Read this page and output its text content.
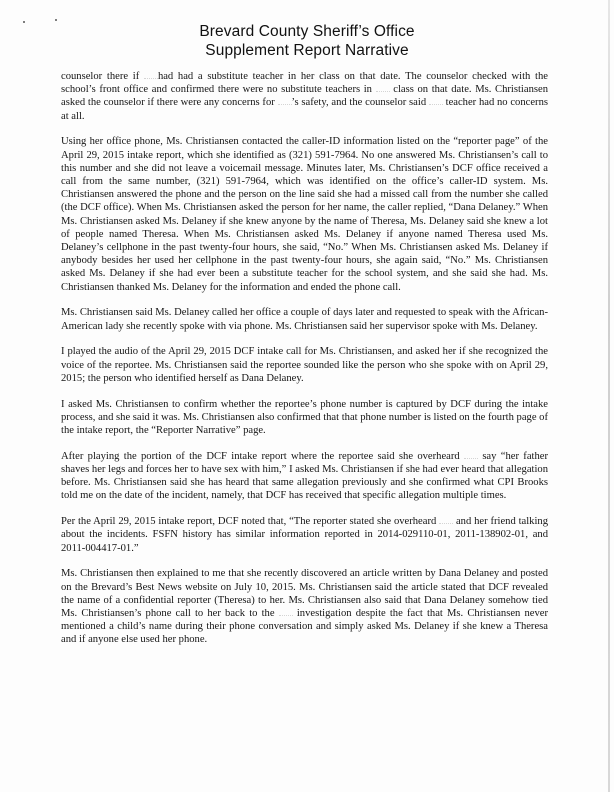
Brevard County Sheriff’s Office
Supplement Report Narrative

counselor there if had had a substitute teacher in her class on that date. The counselor checked with the school’s front office and confirmed there were no substitute teachers in  class on that date. Ms. Christiansen asked the counselor if there were any concerns for ’s safety, and the counselor said  teacher had no concerns at all.

Using her office phone, Ms. Christiansen contacted the caller-ID information listed on the “reporter page” of the April 29, 2015 intake report, which she identified as (321) 591-7964. No one answered Ms. Christiansen’s call to this number and she did not leave a voicemail message. Minutes later, Ms. Christiansen’s DCF office received a call from the same number, (321) 591-7964, which was identified on the office’s caller-ID system. Ms. Christiansen answered the phone and the person on the line said she had a missed call from the number she called (the DCF office). When Ms. Christiansen asked the person for her name, the caller replied, “Dana Delaney.” When Ms. Christiansen asked Ms. Delaney if she knew anyone by the name of Theresa, Ms. Delaney said she knew a lot of people named Theresa. When Ms. Christiansen asked Ms. Delaney if anyone named Theresa used Ms. Delaney’s cellphone in the past twenty-four hours, she said, “No.” When Ms. Christiansen asked Ms. Delaney if anybody besides her used her cellphone in the past twenty-four hours, she again said, “No.” Ms. Christiansen asked Ms. Delaney if she had ever been a substitute teacher for the school system, and she said she had. Ms. Christiansen thanked Ms. Delaney for the information and ended the phone call.

Ms. Christiansen said Ms. Delaney called her office a couple of days later and requested to speak with the African-American lady she recently spoke with via phone. Ms. Christiansen said her supervisor spoke with Ms. Delaney.

I played the audio of the April 29, 2015 DCF intake call for Ms. Christiansen, and asked her if she recognized the voice of the reportee. Ms. Christiansen said the reportee sounded like the person who she spoke with on April 29, 2015; the person who identified herself as Dana Delaney.

I asked Ms. Christiansen to confirm whether the reportee’s phone number is captured by DCF during the intake process, and she said it was. Ms. Christiansen also confirmed that that phone number is listed on the fourth page of the intake report, the “Reporter Narrative” page.

After playing the portion of the DCF intake report where the reportee said she overheard  say “her father shaves her legs and forces her to have sex with him,” I asked Ms. Christiansen if she had ever heard that allegation before. Ms. Christiansen said she has heard that same allegation previously and she confirmed what CPI Brooks told me on the date of the incident, namely, that DCF has received that specific allegation multiple times.

Per the April 29, 2015 intake report, DCF noted that, “The reporter stated she overheard  and her friend talking about the incidents. FSFN history has similar information reported in 2014-029110-01, 2011-138902-01, and 2011-004417-01.”

Ms. Christiansen then explained to me that she recently discovered an article written by Dana Delaney and posted on the Brevard’s Best News website on July 10, 2015. Ms. Christiansen said the article stated that DCF revealed the name of a confidential reporter (Theresa) to her. Ms. Christiansen also said that Dana Delaney somehow tied Ms. Christiansen’s phone call to her back to the  investigation despite the fact that Ms. Christiansen never mentioned a child’s name during their phone conversation and simply asked Ms. Delaney if she knew a Theresa and if anyone else used her phone.
